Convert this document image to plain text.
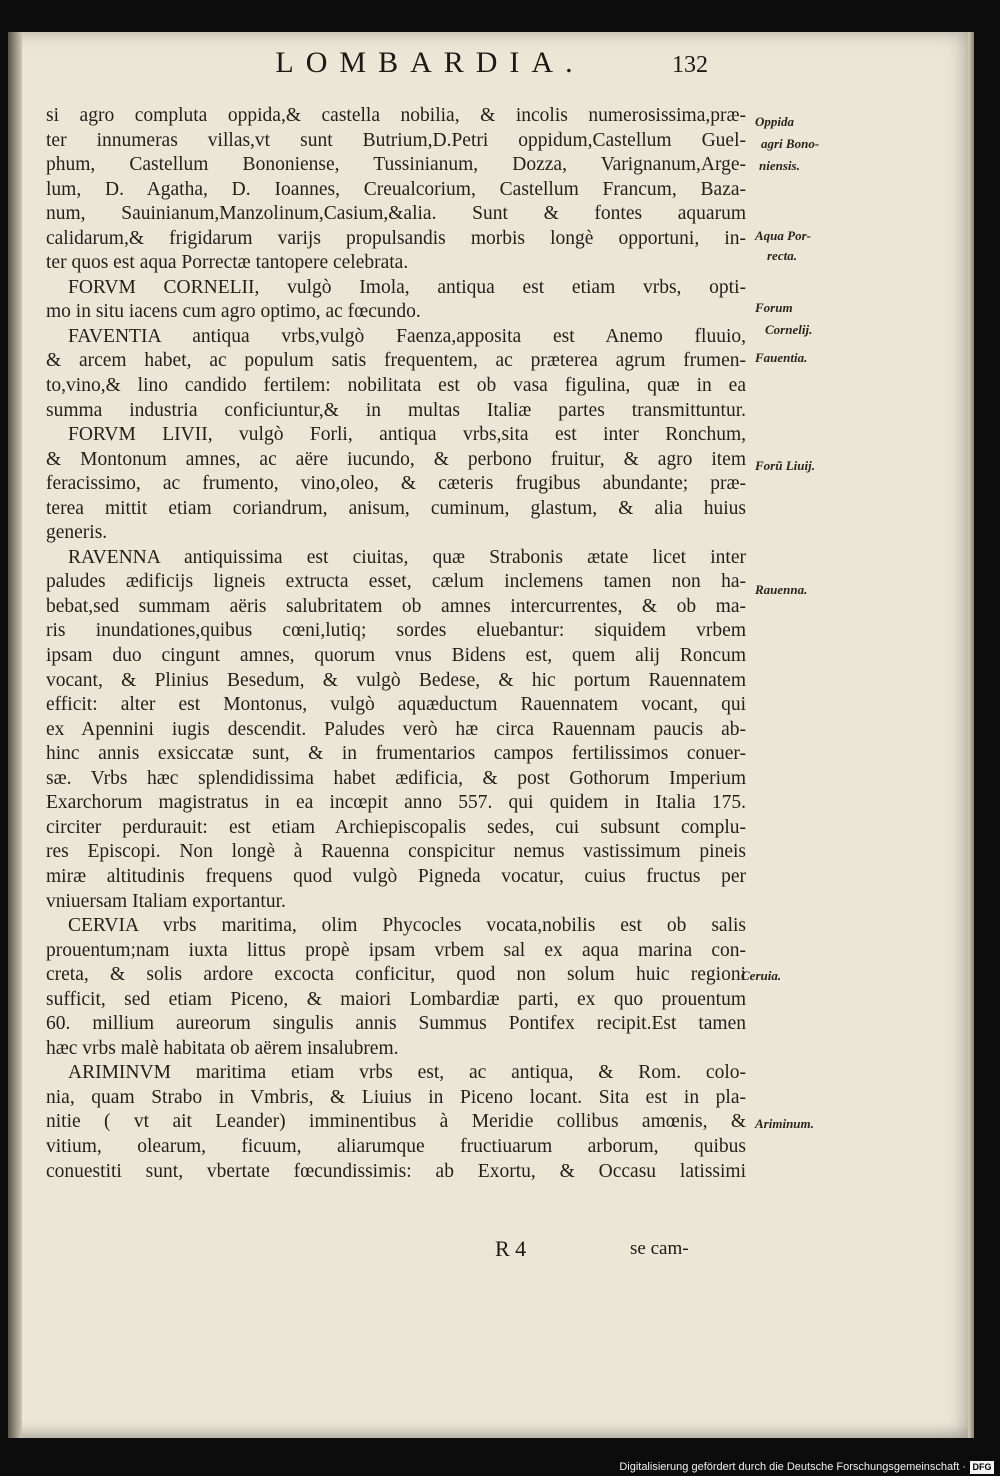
LOMBARDIA.	132
si agro compluta oppida,& castella nobilia, & incolis numerosissima,præ-
ter innumeras villas,vt sunt Butrium,D.Petri oppidum,Castellum Guel-
phum, Castellum Bononiense, Tussinianum, Dozza, Varignanum,Arge-
lum, D. Agatha, D. Ioannes, Creualcorium, Castellum Francum, Baza-
num, Sauinianum,Manzolinum,Casium,&alia. Sunt & fontes aquarum
calidarum,& frigidarum varijs propulsandis morbis longè opportuni, in-
ter quos est aqua Porrectæ tantopere celebrata.
FORVM CORNELII, vulgò Imola, antiqua est etiam vrbs, opti-
mo in situ iacens cum agro optimo, ac fœcundo.
FAVENTIA antiqua vrbs,vulgò Faenza,apposita est Anemo fluuio,
& arcem habet, ac populum satis frequentem, ac præterea agrum frumen-
to,vino,& lino candido fertilem: nobilitata est ob vasa figulina, quæ in ea
summa industria conficiuntur,& in multas Italiæ partes transmittuntur.
FORVM LIVII, vulgò Forli, antiqua vrbs,sita est inter Ronchum,
& Montonum amnes, ac aëre iucundo, & perbono fruitur, & agro item
feracissimo, ac frumento, vino,oleo, & cæteris frugibus abundante; præ-
terea mittit etiam coriandrum, anisum, cuminum, glastum, & alia huius
generis.
RAVENNA antiquissima est ciuitas, quæ Strabonis ætate licet inter
paludes ædificijs ligneis extructa esset, cælum inclemens tamen non ha-
bebat,sed summam aëris salubritatem ob amnes intercurrentes, & ob ma-
ris inundationes,quibus cœni,lutiq; sordes eluebantur: siquidem vrbem
ipsam duo cingunt amnes, quorum vnus Bidens est, quem alij Roncum
vocant, & Plinius Besedum, & vulgò Bedese, & hic portum Rauennatem
efficit: alter est Montonus, vulgò aquæductum Rauennatem vocant, qui
ex Apennini iugis descendit. Paludes verò hæ circa Rauennam paucis ab-
hinc annis exsiccatæ sunt, & in frumentarios campos fertilissimos conuer-
sæ. Vrbs hæc splendidissima habet ædificia, & post Gothorum Imperium
Exarchorum magistratus in ea incœpit anno 557. qui quidem in Italia 175.
circiter perdurauit: est etiam Archiepiscopalis sedes, cui subsunt complu-
res Episcopi. Non longè à Rauenna conspicitur nemus vastissimum pineis
miræ altitudinis frequens quod vulgò Pigneda vocatur, cuius fructus per
vniuersam Italiam exportantur.
CERVIA vrbs maritima, olim Phycocles vocata,nobilis est ob salis
prouentum;nam iuxta littus propè ipsam vrbem sal ex aqua marina con-
creta, & solis ardore excocta conficitur, quod non solum huic regioni
sufficit, sed etiam Piceno, & maiori Lombardiæ parti, ex quo prouentum
60. millium aureorum singulis annis Summus Pontifex recipit.Est tamen
hæc vrbs malè habitata ob aërem insalubrem.
ARIMINVM maritima etiam vrbs est, ac antiqua, & Rom. colo-
nia, quam Strabo in Vmbris, & Liuius in Piceno locant. Sita est in pla-
nitie ( vt ait Leander) imminentibus à Meridie collibus amœnis, &
vitium, olearum, ficuum, aliarumque fructiuarum arborum, quibus
conuestiti sunt, vbertate fœcundissimis: ab Exortu, & Occasu latissimi
Oppida
agri Bono-
niensis.
Aqua Por-
recta.
Forum
Cornelij.
Fauentia.
Forũ Liuij.
Rauenna.
Ceruia.
Ariminum.
R 4	se cam-
Digitalisierung gefördert durch die Deutsche Forschungsgemeinschaft · DFG
